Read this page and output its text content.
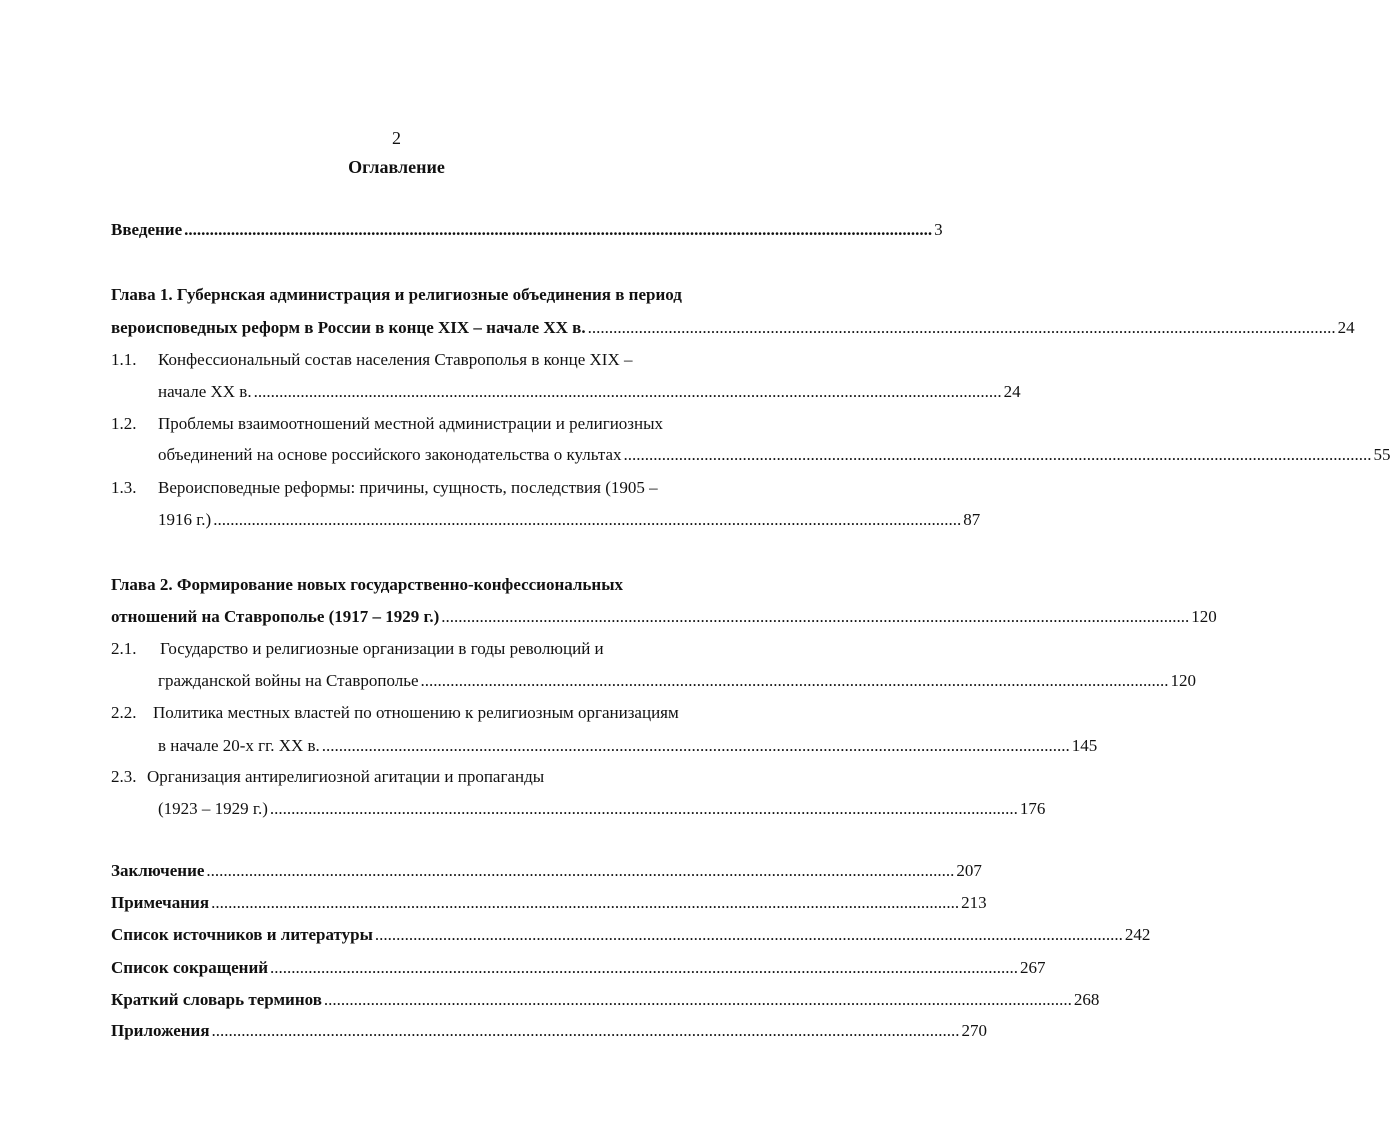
2
Оглавление
Введение ................................................................................................................................................................................ 3
Глава 1. Губернская администрация и религиозные объединения в период
вероисповедных реформ в России в конце XIX – начале XX в. ................................................................................................................................................................................ 24
1.1. Конфессиональный состав населения Ставрополья в конце XIX –
начале XX в. ................................................................................................................................................................................ 24
1.2. Проблемы взаимоотношений местной администрации и религиозных
объединений на основе российского законодательства о культах ................................................................................................................................................................................ 55
1.3. Вероисповедные реформы: причины, сущность, последствия (1905 –
1916 г.) ................................................................................................................................................................................ 87
Глава 2. Формирование новых государственно-конфессиональных
отношений на Ставрополье (1917 – 1929 г.) ................................................................................................................................................................................ 120
2.1. Государство и религиозные организации в годы революций и
гражданской войны на Ставрополье ................................................................................................................................................................................ 120
2.2. Политика местных властей по отношению к религиозным организациям
в начале 20-х гг. XX в. ................................................................................................................................................................................ 145
2.3. Организация антирелигиозной агитации и пропаганды
(1923 – 1929 г.) ................................................................................................................................................................................ 176
Заключение ................................................................................................................................................................................ 207
Примечания ................................................................................................................................................................................ 213
Список источников и литературы ................................................................................................................................................................................ 242
Список сокращений ................................................................................................................................................................................ 267
Краткий словарь терминов ................................................................................................................................................................................ 268
Приложения ................................................................................................................................................................................ 270
